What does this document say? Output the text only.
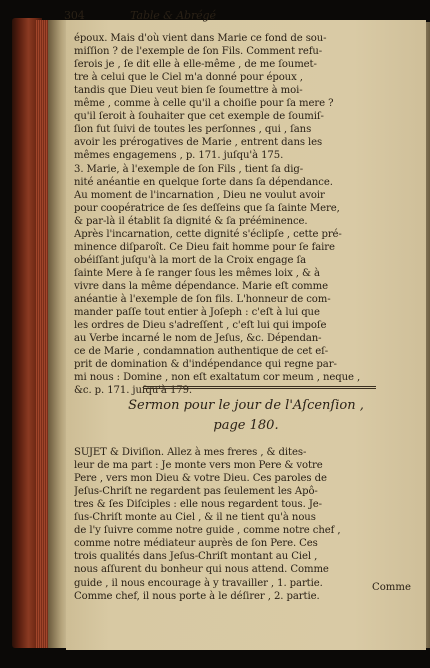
304	Table & Abrégé
époux. Mais d'où vient dans Marie ce fond de sou-
miſſion ? de l'exemple de ſon Fils. Comment refu-
ſerois je , ſe dit elle à elle-même , de me ſoumet-
tre à celui que le Ciel m'a donné pour époux ,
tandis que Dieu veut bien ſe ſoumettre à moi-
même , comme à celle qu'il a choiſie pour ſa mere ?
qu'il ſeroit à ſouhaiter que cet exemple de ſoumiſ-
ſion fut ſuivi de toutes les perſonnes , qui , ſans
avoir les prérogatives de Marie , entrent dans les
mêmes engagemens , p. 171. juſqu'à 175.
3. Marie, à l'exemple de ſon Fils , tient ſa dig-
nité anéantie en quelque ſorte dans ſa dépendance.
Au moment de l'incarnation , Dieu ne voulut avoir
pour coopératrice de ſes deſſeins que ſa ſainte Mere,
& par-là il établit ſa dignité & ſa prééminence.
Après l'incarnation, cette dignité s'éclipſe , cette pré-
minence diſparoît. Ce Dieu fait homme pour ſe faire
obéiſſant juſqu'à la mort de la Croix engage ſa
ſainte Mere à ſe ranger ſous les mêmes loix , & à
vivre dans la même dépendance. Marie eſt comme
anéantie à l'exemple de ſon fils. L'honneur de com-
mander paſſe tout entier à Joſeph : c'eſt à lui que
les ordres de Dieu s'adreſſent , c'eſt lui qui impoſe
au Verbe incarné le nom de Jeſus, &c. Dépendan-
ce de Marie , condamnation authentique de cet eſ-
prit de domination & d'indépendance qui regne par-
mi nous : Domine , non eſt exaltatum cor meum , neque ,
&c. p. 171. juſqu'à 179.
Sermon pour le jour de l'Aſcenſion ,
page 180.
SUJET & Diviſion. Allez à mes freres , & dites-
leur de ma part : Je monte vers mon Pere & votre
Pere , vers mon Dieu & votre Dieu. Ces paroles de
Jeſus-Chriſt ne regardent pas ſeulement les Apô-
tres & ſes Diſciples : elle nous regardent tous. Je-
ſus-Chriſt monte au Ciel , & il ne tient qu'à nous
de l'y ſuivre comme notre guide , comme notre chef ,
comme notre médiateur auprès de ſon Pere. Ces
trois qualités dans Jeſus-Chriſt montant au Ciel ,
nous aſſurent du bonheur qui nous attend. Comme
guide , il nous encourage à y travailler , 1. partie.
Comme chef, il nous porte à le déſirer , 2. partie.
Comme
